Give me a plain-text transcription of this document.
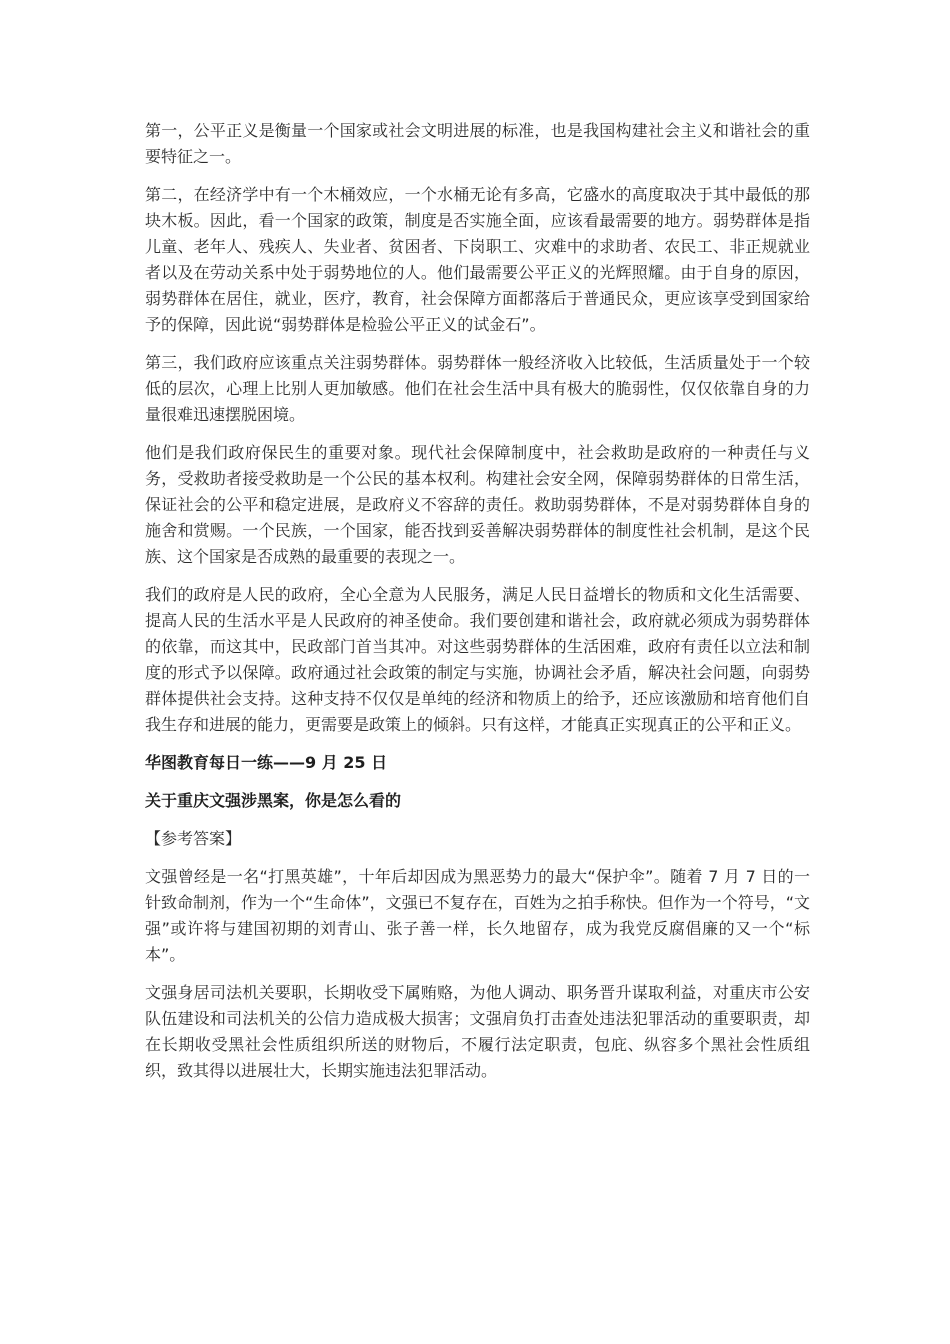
第一，公平正义是衡量一个国家或社会文明进展的标准，也是我国构建社会主义和谐社会的重要特征之一。

第二，在经济学中有一个木桶效应，一个水桶无论有多高，它盛水的高度取决于其中最低的那块木板。因此，看一个国家的政策，制度是否实施全面，应该看最需要的地方。弱势群体是指儿童、老年人、残疾人、失业者、贫困者、下岗职工、灾难中的求助者、农民工、非正规就业者以及在劳动关系中处于弱势地位的人。他们最需要公平正义的光辉照耀。由于自身的原因，弱势群体在居住，就业，医疗，教育，社会保障方面都落后于普通民众，更应该享受到国家给予的保障，因此说“弱势群体是检验公平正义的试金石”。

第三，我们政府应该重点关注弱势群体。弱势群体一般经济收入比较低，生活质量处于一个较低的层次，心理上比别人更加敏感。他们在社会生活中具有极大的脆弱性，仅仅依靠自身的力量很难迅速摆脱困境。

他们是我们政府保民生的重要对象。现代社会保障制度中，社会救助是政府的一种责任与义务，受救助者接受救助是一个公民的基本权利。构建社会安全网，保障弱势群体的日常生活，保证社会的公平和稳定进展，是政府义不容辞的责任。救助弱势群体，不是对弱势群体自身的施舍和赏赐。一个民族，一个国家，能否找到妥善解决弱势群体的制度性社会机制，是这个民族、这个国家是否成熟的最重要的表现之一。

我们的政府是人民的政府，全心全意为人民服务，满足人民日益增长的物质和文化生活需要、提高人民的生活水平是人民政府的神圣使命。我们要创建和谐社会，政府就必须成为弱势群体的依靠，而这其中，民政部门首当其冲。对这些弱势群体的生活困难，政府有责任以立法和制度的形式予以保障。政府通过社会政策的制定与实施，协调社会矛盾，解决社会问题，向弱势群体提供社会支持。这种支持不仅仅是单纯的经济和物质上的给予，还应该激励和培育他们自我生存和进展的能力，更需要是政策上的倾斜。只有这样，才能真正实现真正的公平和正义。

华图教育每日一练——9 月 25 日

关于重庆文强涉黑案，你是怎么看的

【参考答案】

文强曾经是一名“打黑英雄”，十年后却因成为黑恶势力的最大“保护伞”。随着 7 月 7 日的一针致命制剂，作为一个“生命体”，文强已不复存在，百姓为之拍手称快。但作为一个符号，“文强”或许将与建国初期的刘青山、张子善一样，长久地留存，成为我党反腐倡廉的又一个“标本”。

文强身居司法机关要职，长期收受下属贿赂，为他人调动、职务晋升谋取利益，对重庆市公安队伍建设和司法机关的公信力造成极大损害；文强肩负打击查处违法犯罪活动的重要职责，却在长期收受黑社会性质组织所送的财物后，不履行法定职责，包庇、纵容多个黑社会性质组织，致其得以进展壮大，长期实施违法犯罪活动。
